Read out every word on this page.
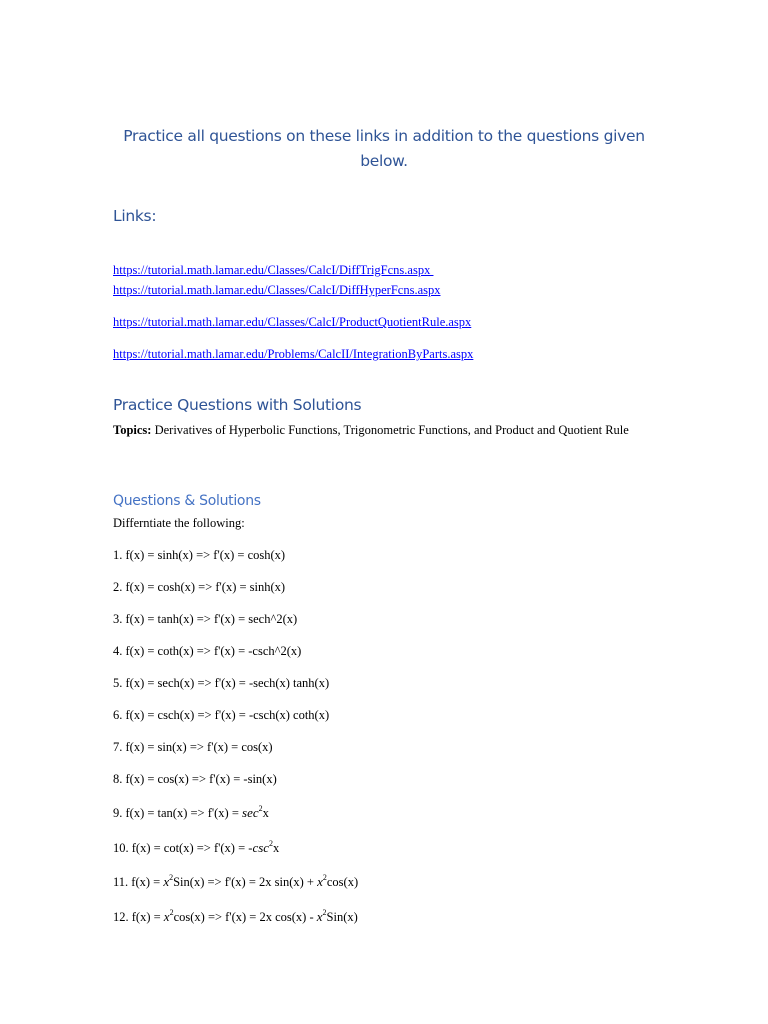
Practice all questions on these links in addition to the questions given below.
Links:
https://tutorial.math.lamar.edu/Classes/CalcI/DiffTrigFcns.aspx
https://tutorial.math.lamar.edu/Classes/CalcI/DiffHyperFcns.aspx
https://tutorial.math.lamar.edu/Classes/CalcI/ProductQuotientRule.aspx
https://tutorial.math.lamar.edu/Problems/CalcII/IntegrationByParts.aspx
Practice Questions with Solutions
Topics: Derivatives of Hyperbolic Functions, Trigonometric Functions, and Product and Quotient Rule
Questions & Solutions
Differntiate the following:
1. f(x) = sinh(x) => f'(x) = cosh(x)
2. f(x) = cosh(x) => f'(x) = sinh(x)
3. f(x) = tanh(x) => f'(x) = sech^2(x)
4. f(x) = coth(x) => f'(x) = -csch^2(x)
5. f(x) = sech(x) => f'(x) = -sech(x) tanh(x)
6. f(x) = csch(x) => f'(x) = -csch(x) coth(x)
7. f(x) = sin(x) => f'(x) = cos(x)
8. f(x) = cos(x) => f'(x) = -sin(x)
9. $f(x) = \tan(x) => f'(x) = \sec^2x$
10. $f(x) = \cot(x) => f'(x) = -\csc^2x$
11. $f(x) = x^2Sin(x) => f'(x) = 2x$ $\sin(x) + x^2\cos(x)$
12. $f(x) = x^2\cos(x) => f'(x) = 2x$ $\cos(x) - x^2Sin(x)$
